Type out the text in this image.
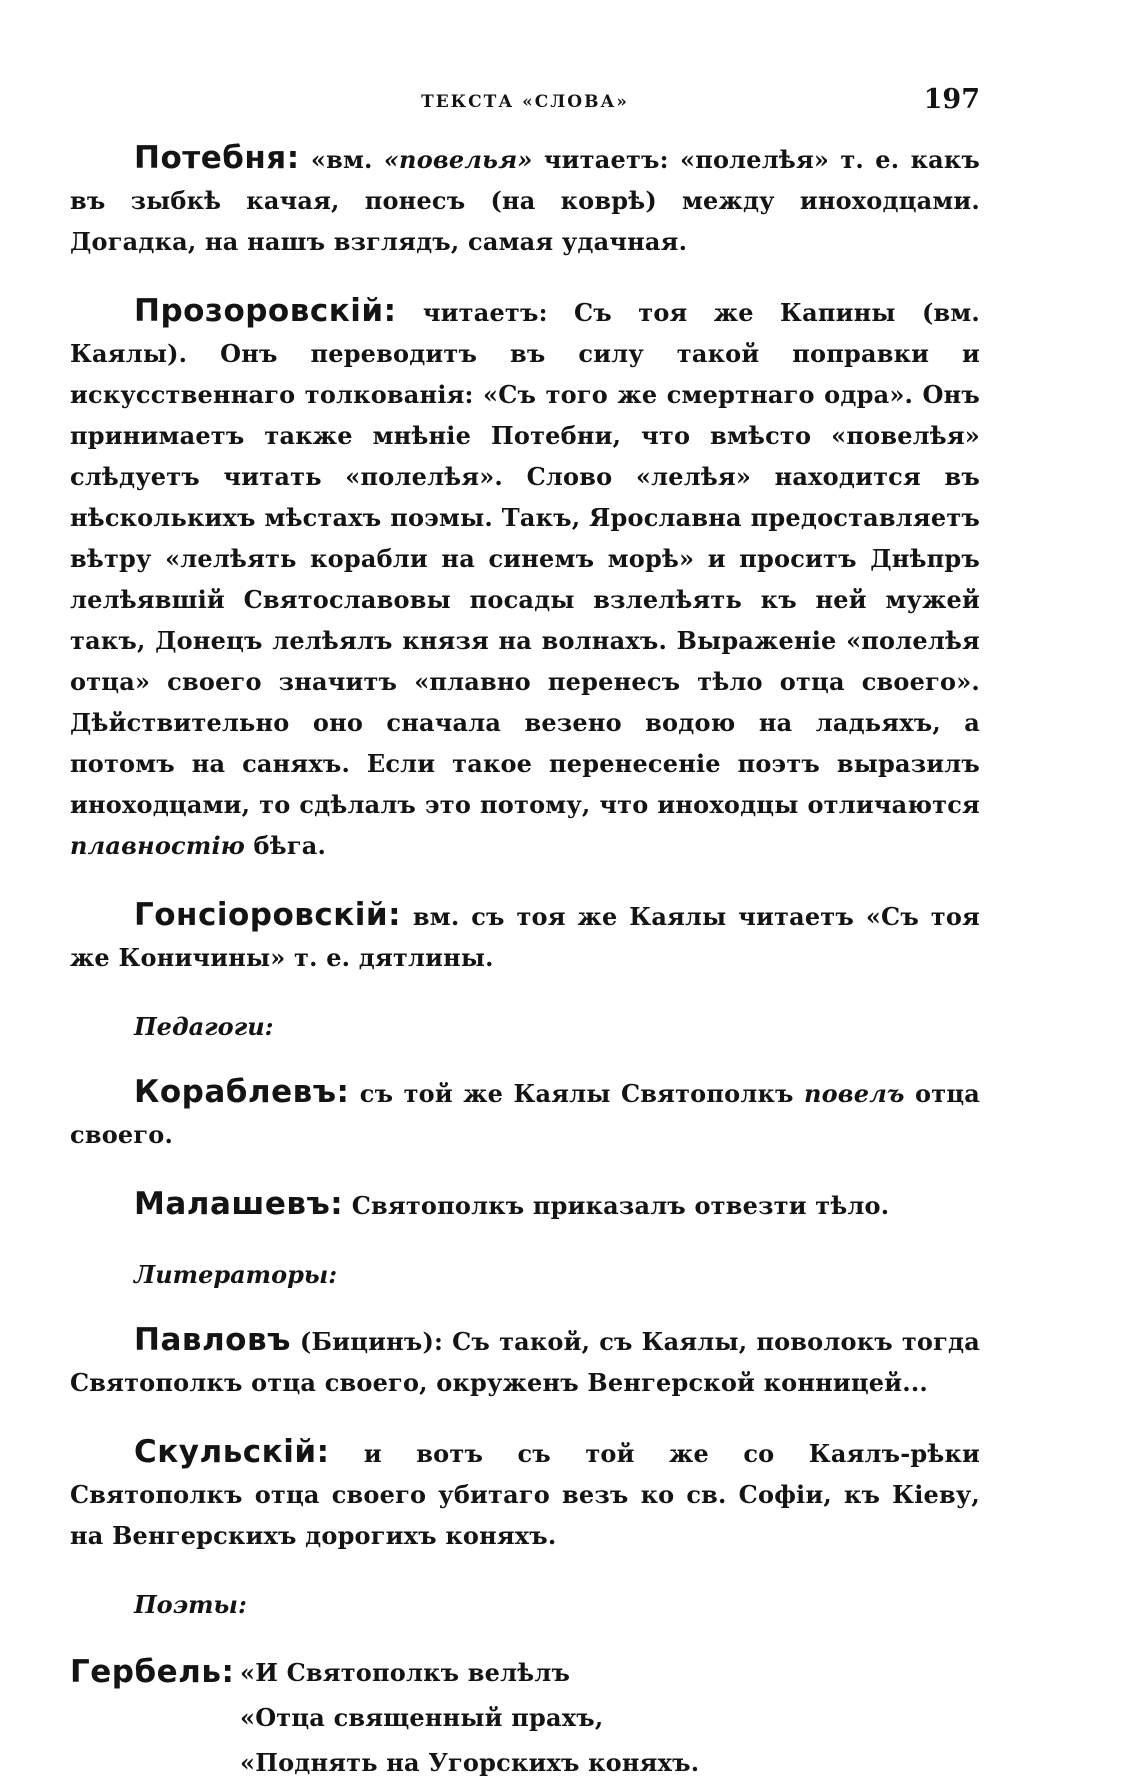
ТЕКСТА «СЛОВА»	197

Потебня: «вм. «повелья» читаетъ: «полелѣя» т. е. какъ въ зыбкѣ качая, понесъ (на коврѣ) между иноходцами. Догадка, на нашъ взглядъ, самая удачная.

Прозоровскій: читаетъ: Съ тоя же Капины (вм. Каялы). Онъ переводитъ въ силу такой поправки и искусственнаго толкованія: «Съ того же смертнаго одра». Онъ принимаетъ также мнѣніе Потебни, что вмѣсто «повелѣя» слѣдуетъ читать «полелѣя». Слово «лелѣя» находится въ нѣсколькихъ мѣстахъ поэмы. Такъ, Ярославна предоставляетъ вѣтру «лелѣять корабли на синемъ морѣ» и проситъ Днѣпръ лелѣявшій Святославовы посады взлелѣять къ ней мужей такъ, Донецъ лелѣялъ князя на волнахъ. Выраженіе «полелѣя отца» своего значитъ «плавно перенесъ тѣло отца своего». Дѣйствительно оно сначала везено водою на ладьяхъ, а потомъ на саняхъ. Если такое перенесеніе поэтъ выразилъ иноходцами, то сдѣлалъ это потому, что иноходцы отличаются плавностію бѣга.

Гонсіоровскій: вм. съ тоя же Каялы читаетъ «Съ тоя же Коничины» т. е. дятлины.

Педагоги:

Кораблевъ: съ той же Каялы Святополкъ повелъ отца своего.

Малашевъ: Святополкъ приказалъ отвезти тѣло.

Литераторы:

Павловъ (Бицинъ): Съ такой, съ Каялы, поволокъ тогда Святополкъ отца своего, окруженъ Венгерской конницей...

Скульскій: и вотъ съ той же со Каялъ-рѣки Святополкъ отца своего убитаго везъ ко св. Софіи, къ Кіеву, на Венгерскихъ дорогихъ коняхъ.

Поэты:
Гербель: «И Святополкъ велѣлъ

«Отца священный прахъ,

«Поднять на Угорскихъ коняхъ.
